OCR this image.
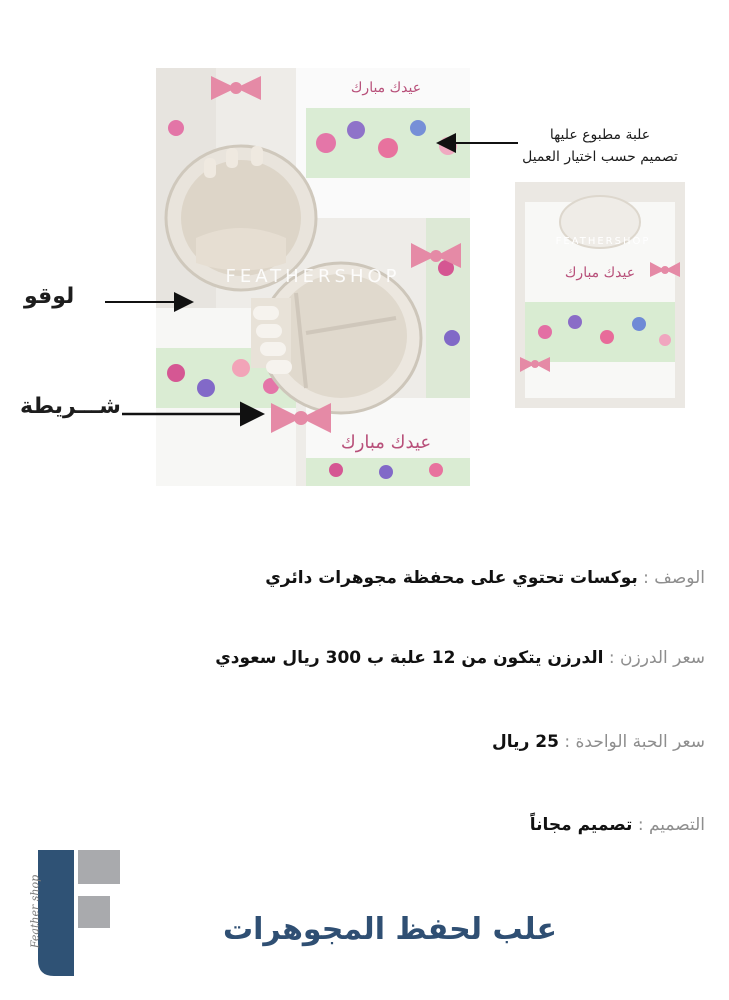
عيدك مبارك
عيدك مبارك
FEATHERSHOP	عيدك مبارك
FEATHERSHOP
لوقو
شـــريطة
علبة مطبوع عليها
تصميم حسب اختيار العميل
الوصف : بوكسات تحتوي على محفظة مجوهرات دائري
سعر الدرزن : الدرزن يتكون من 12 علبة ب 300 ريال سعودي
سعر الحبة الواحدة : 25 ريال
التصميم : تصميم مجاناً
Feather shop	علب لحفظ المجوهرات
